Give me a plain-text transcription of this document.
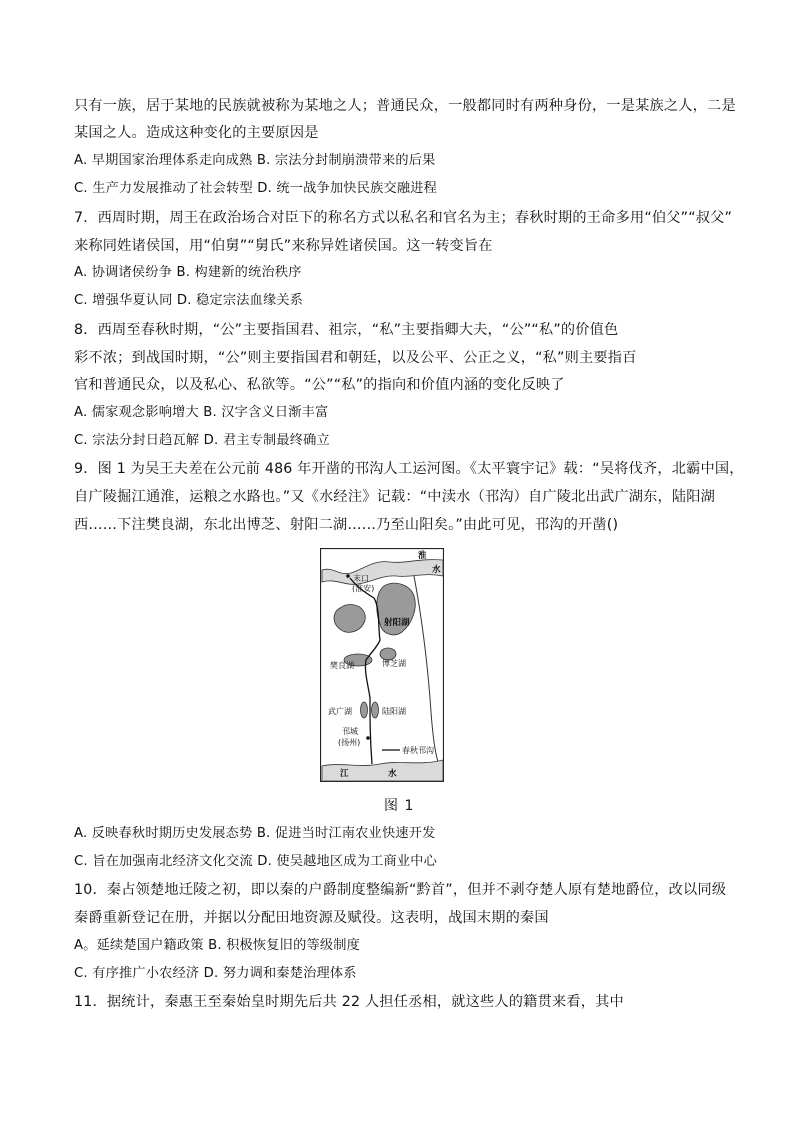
只有一族，居于某地的民族就被称为某地之人；普通民众，一般都同时有两种身份，一是某族之人，二是
某国之人。造成这种变化的主要原因是
A. 早期国家治理体系走向成熟 B. 宗法分封制崩溃带来的后果
C. 生产力发展推动了社会转型 D. 统一战争加快民族交融进程
7．西周时期，周王在政治场合对臣下的称名方式以私名和官名为主；春秋时期的王命多用“伯父”“叔父”
来称同姓诸侯国，用“伯舅”“舅氏”来称异姓诸侯国。这一转变旨在
A. 协调诸侯纷争 B. 构建新的统治秩序
C. 增强华夏认同 D. 稳定宗法血缘关系
8．西周至春秋时期，“公”主要指国君、祖宗，“私”主要指卿大夫，“公”“私”的价值色
彩不浓；到战国时期，“公”则主要指国君和朝廷，以及公平、公正之义，“私”则主要指百
官和普通民众，以及私心、私欲等。“公”“私”的指向和价值内涵的变化反映了
A. 儒家观念影响增大 B. 汉字含义日渐丰富
C. 宗法分封日趋瓦解 D. 君主专制最终确立
9．图 1 为吴王夫差在公元前 486 年开凿的邗沟人工运河图。《太平寰宇记》载：“吴将伐齐，北霸中国，
自广陵掘江通淮，运粮之水路也。”又《水经注》记载：“中渎水（邗沟）自广陵北出武广湖东，陆阳湖
西……下注樊良湖，东北出博芝、射阳二湖……乃至山阳矣。”由此可见，邗沟的开凿()
淮
水
末口
(淮安)
射阳湖
樊良湖	博芝湖
武广湖	陆阳湖
邗城
(扬州)
春秋邗沟
江	水
图 1
A. 反映春秋时期历史发展态势 B. 促进当时江南农业快速开发
C. 旨在加强南北经济文化交流 D. 使吴越地区成为工商业中心
10．秦占领楚地迁陵之初，即以秦的户爵制度整编新“黔首”，但并不剥夺楚人原有楚地爵位，改以同级
秦爵重新登记在册，并据以分配田地资源及赋役。这表明，战国末期的秦国
A。延续楚国户籍政策 B. 积极恢复旧的等级制度
C. 有序推广小农经济 D. 努力调和秦楚治理体系
11．据统计，秦惠王至秦始皇时期先后共 22 人担任丞相，就这些人的籍贯来看，其中
